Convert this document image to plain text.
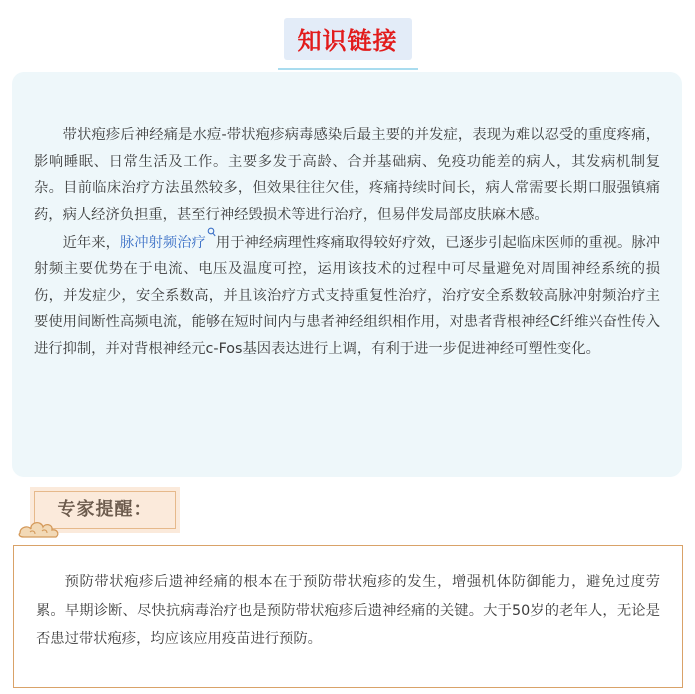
知识链接

带状疱疹后神经痛是水痘-带状疱疹病毒感染后最主要的并发症，表现为难以忍受的重度疼痛，影响睡眠、日常生活及工作。主要多发于高龄、合并基础病、免疫功能差的病人，其发病机制复杂。目前临床治疗方法虽然较多，但效果往往欠佳，疼痛持续时间长，病人常需要长期口服强镇痛药，病人经济负担重，甚至行神经毁损术等进行治疗，但易伴发局部皮肤麻木感。

近年来，脉冲射频治疗 用于神经病理性疼痛取得较好疗效，已逐步引起临床医师的重视。脉冲射频主要优势在于电流、电压及温度可控，运用该技术的过程中可尽量避免对周围神经系统的损伤，并发症少，安全系数高，并且该治疗方式支持重复性治疗，治疗安全系数较高脉冲射频治疗主要使用间断性高频电流，能够在短时间内与患者神经组织相作用，对患者背根神经C纤维兴奋性传入进行抑制，并对背根神经元c-Fos基因表达进行上调，有利于进一步促进神经可塑性变化。

专家提醒：

预防带状疱疹后遗神经痛的根本在于预防带状疱疹的发生，增强机体防御能力，避免过度劳累。早期诊断、尽快抗病毒治疗也是预防带状疱疹后遗神经痛的关键。大于50岁的老年人，无论是否患过带状疱疹，均应该应用疫苗进行预防。
